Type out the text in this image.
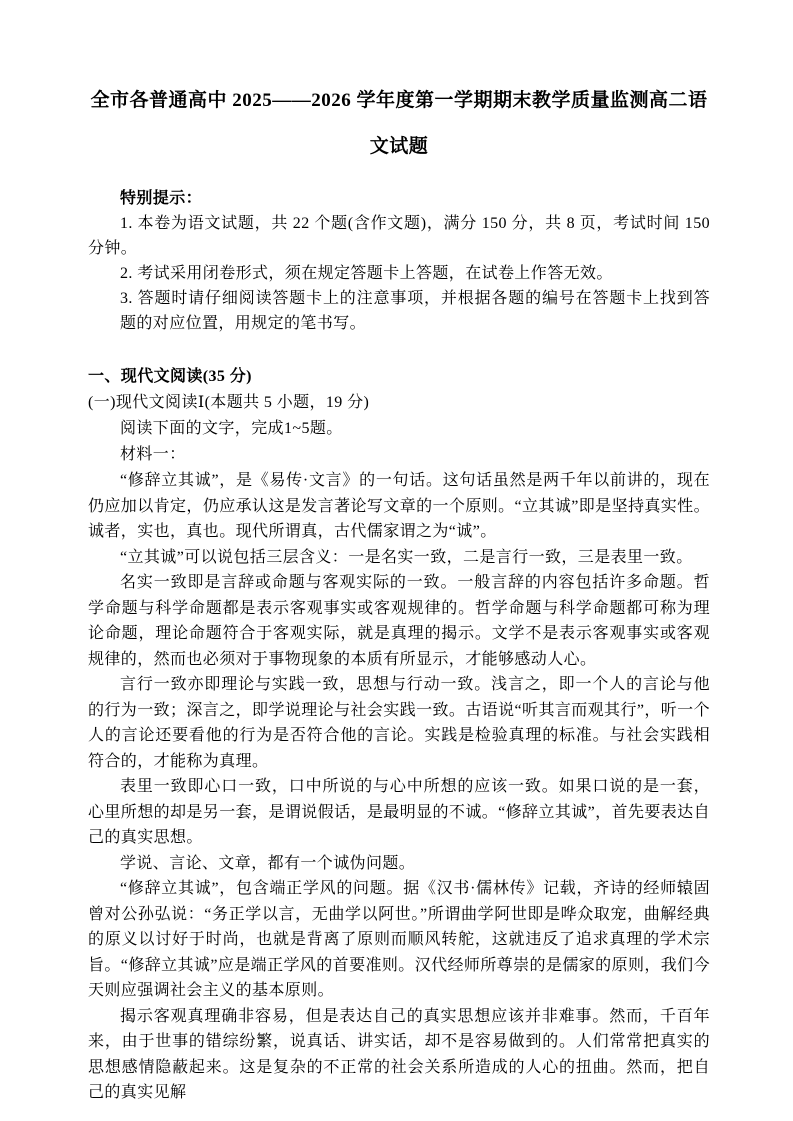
全市各普通高中 2025——2026 学年度第一学期期末教学质量监测高二语
文试题
特别提示：
1. 本卷为语文试题，共 22 个题(含作文题)，满分 150 分，共 8 页，考试时间 150 分钟。
2. 考试采用闭卷形式，须在规定答题卡上答题，在试卷上作答无效。
3. 答题时请仔细阅读答题卡上的注意事项，并根据各题的编号在答题卡上找到答题的对应位置，用规定的笔书写。
一、现代文阅读(35 分)
(一)现代文阅读Ⅰ(本题共 5 小题，19 分)
阅读下面的文字，完成1~5题。
材料一：

“修辞立其诚”，是《易传·文言》的一句话。这句话虽然是两千年以前讲的，现在仍应加以肯定，仍应承认这是发言著论写文章的一个原则。“立其诚”即是坚持真实性。诚者，实也，真也。现代所谓真，古代儒家谓之为“诚”。

“立其诚”可以说包括三层含义：一是名实一致，二是言行一致，三是表里一致。

名实一致即是言辞或命题与客观实际的一致。一般言辞的内容包括许多命题。哲学命题与科学命题都是表示客观事实或客观规律的。哲学命题与科学命题都可称为理论命题，理论命题符合于客观实际，就是真理的揭示。文学不是表示客观事实或客观规律的，然而也必须对于事物现象的本质有所显示，才能够感动人心。

言行一致亦即理论与实践一致，思想与行动一致。浅言之，即一个人的言论与他的行为一致；深言之，即学说理论与社会实践一致。古语说“听其言而观其行”，听一个人的言论还要看他的行为是否符合他的言论。实践是检验真理的标准。与社会实践相符合的，才能称为真理。

表里一致即心口一致，口中所说的与心中所想的应该一致。如果口说的是一套，心里所想的却是另一套，是谓说假话，是最明显的不诚。“修辞立其诚”，首先要表达自己的真实思想。

学说、言论、文章，都有一个诚伪问题。

“修辞立其诚”，包含端正学风的问题。据《汉书·儒林传》记载，齐诗的经师辕固曾对公孙弘说：“务正学以言，无曲学以阿世。”所谓曲学阿世即是哗众取宠，曲解经典的原义以讨好于时尚，也就是背离了原则而顺风转舵，这就违反了追求真理的学术宗旨。“修辞立其诚”应是端正学风的首要准则。汉代经师所尊崇的是儒家的原则，我们今天则应强调社会主义的基本原则。

揭示客观真理确非容易，但是表达自己的真实思想应该并非难事。然而，千百年来，由于世事的错综纷繁，说真话、讲实话，却不是容易做到的。人们常常把真实的思想感情隐蔽起来。这是复杂的不正常的社会关系所造成的人心的扭曲。然而，把自己的真实见解
